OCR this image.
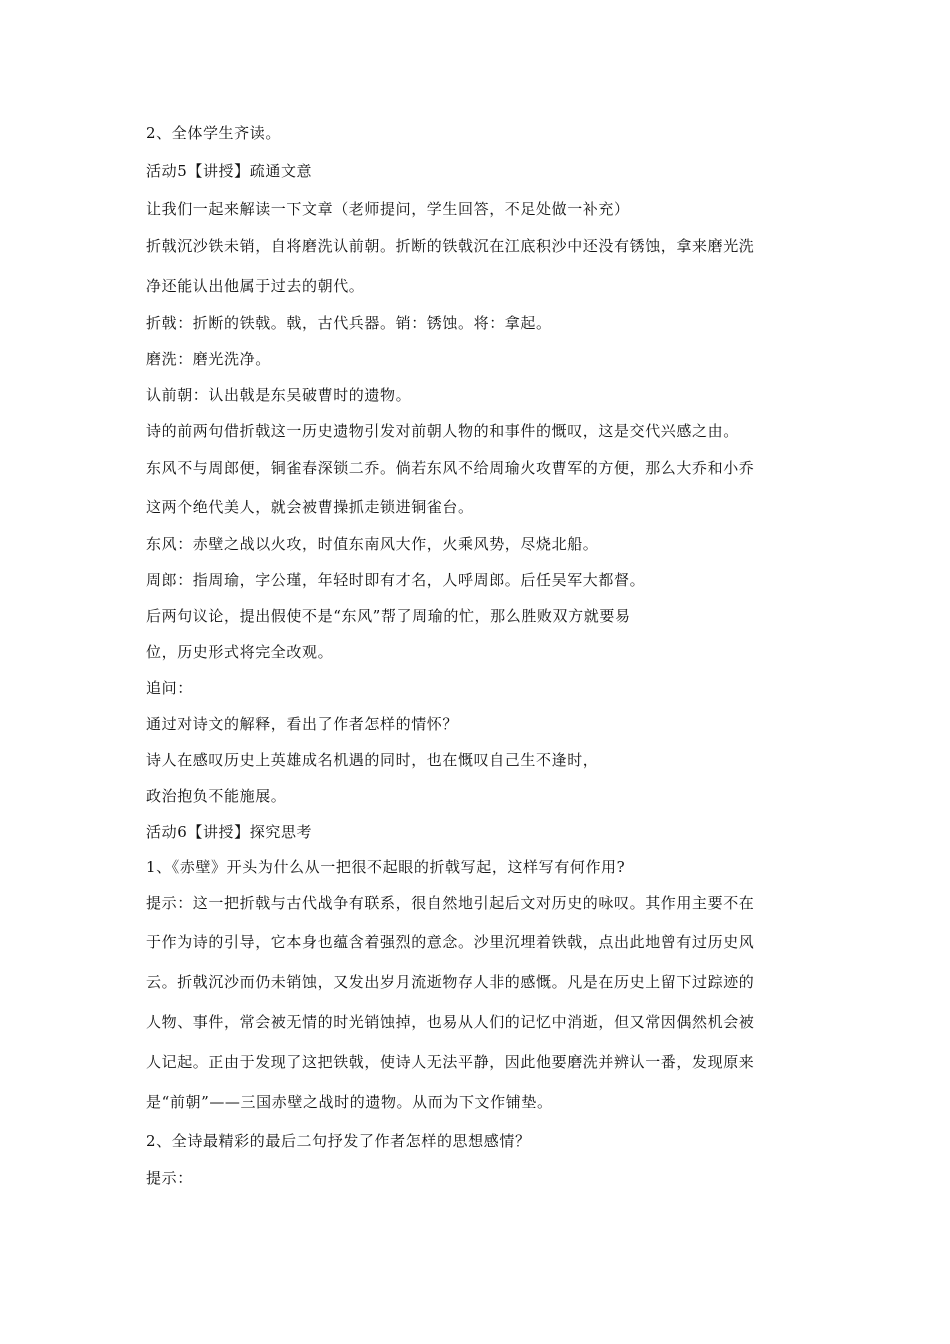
2、全体学生齐读。
活动5【讲授】疏通文意
让我们一起来解读一下文章（老师提问，学生回答，不足处做一补充）
折戟沉沙铁未销，自将磨洗认前朝。折断的铁戟沉在江底积沙中还没有锈蚀，拿来磨光洗
净还能认出他属于过去的朝代。
折戟：折断的铁戟。戟，古代兵器。销：锈蚀。将：拿起。
磨洗：磨光洗净。
认前朝：认出戟是东吴破曹时的遗物。
诗的前两句借折戟这一历史遗物引发对前朝人物的和事件的慨叹，这是交代兴感之由。
东风不与周郎便，铜雀春深锁二乔。倘若东风不给周瑜火攻曹军的方便，那么大乔和小乔
这两个绝代美人，就会被曹操抓走锁进铜雀台。
东风：赤壁之战以火攻，时值东南风大作，火乘风势，尽烧北船。
周郎：指周瑜，字公瑾，年轻时即有才名，人呼周郎。后任吴军大都督。
后两句议论，提出假使不是“东风”帮了周瑜的忙，那么胜败双方就要易
位，历史形式将完全改观。
追问：
通过对诗文的解释，看出了作者怎样的情怀？
诗人在感叹历史上英雄成名机遇的同时，也在慨叹自己生不逢时，
政治抱负不能施展。
活动6【讲授】探究思考
1、《赤壁》开头为什么从一把很不起眼的折戟写起，这样写有何作用?
提示：这一把折戟与古代战争有联系，很自然地引起后文对历史的咏叹。其作用主要不在
于作为诗的引导，它本身也蕴含着强烈的意念。沙里沉埋着铁戟，点出此地曾有过历史风
云。折戟沉沙而仍未销蚀，又发出岁月流逝物存人非的感慨。凡是在历史上留下过踪迹的
人物、事件，常会被无情的时光销蚀掉，也易从人们的记忆中消逝，但又常因偶然机会被
人记起。正由于发现了这把铁戟，使诗人无法平静，因此他要磨洗并辨认一番，发现原来
是“前朝”——三国赤壁之战时的遗物。从而为下文作铺垫。
2、全诗最精彩的最后二句抒发了作者怎样的思想感情？
提示：
